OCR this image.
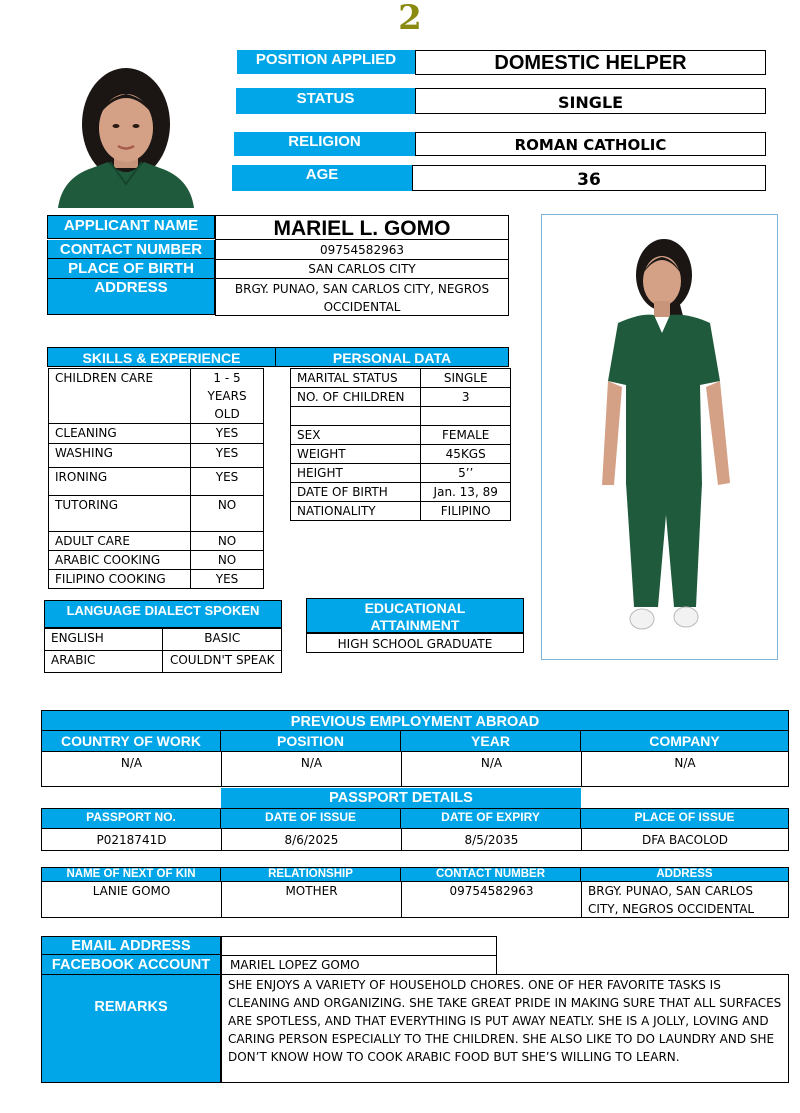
2
POSITION APPLIED	DOMESTIC HELPER
STATUS	SINGLE
RELIGION	ROMAN CATHOLIC
AGE	36
APPLICANT NAME	MARIEL L. GOMO
CONTACT NUMBER	09754582963
PLACE OF BIRTH	SAN CARLOS CITY
ADDRESS	BRGY. PUNAO, SAN CARLOS CITY, NEGROS OCCIDENTAL
SKILLS & EXPERIENCE	PERSONAL DATA
CHILDREN CARE	1 - 5 YEARS OLD
CLEANING	YES
WASHING	YES
IRONING	YES
TUTORING	NO
ADULT CARE	NO
ARABIC COOKING	NO
FILIPINO COOKING	YES
MARITAL STATUS	SINGLE
NO. OF CHILDREN	3

SEX	FEMALE
WEIGHT	45KGS
HEIGHT	5’’
DATE OF BIRTH	Jan. 13, 89
NATIONALITY	FILIPINO
LANGUAGE DIALECT SPOKEN
ENGLISH	BASIC
ARABIC	COULDN'T SPEAK
EDUCATIONAL ATTAINMENT
HIGH SCHOOL GRADUATE
PREVIOUS EMPLOYMENT ABROAD
COUNTRY OF WORK	POSITION	YEAR	COMPANY
N/A	N/A	N/A	N/A
PASSPORT DETAILS
PASSPORT NO.	DATE OF ISSUE	DATE OF EXPIRY	PLACE OF ISSUE
P0218741D	8/6/2025	8/5/2035	DFA BACOLOD
NAME OF NEXT OF KIN	RELATIONSHIP	CONTACT NUMBER	ADDRESS
LANIE GOMO	MOTHER	09754582963	BRGY. PUNAO, SAN CARLOS CITY, NEGROS OCCIDENTAL
EMAIL ADDRESS
FACEBOOK ACCOUNT	MARIEL LOPEZ GOMO
REMARKS
SHE ENJOYS A VARIETY OF HOUSEHOLD CHORES. ONE OF HER FAVORITE TASKS IS CLEANING AND ORGANIZING. SHE TAKE GREAT PRIDE IN MAKING SURE THAT ALL SURFACES ARE SPOTLESS, AND THAT EVERYTHING IS PUT AWAY NEATLY. SHE IS A JOLLY, LOVING AND CARING PERSON ESPECIALLY TO THE CHILDREN. SHE ALSO LIKE TO DO LAUNDRY AND SHE DON’T KNOW HOW TO COOK ARABIC FOOD BUT SHE’S WILLING TO LEARN.
